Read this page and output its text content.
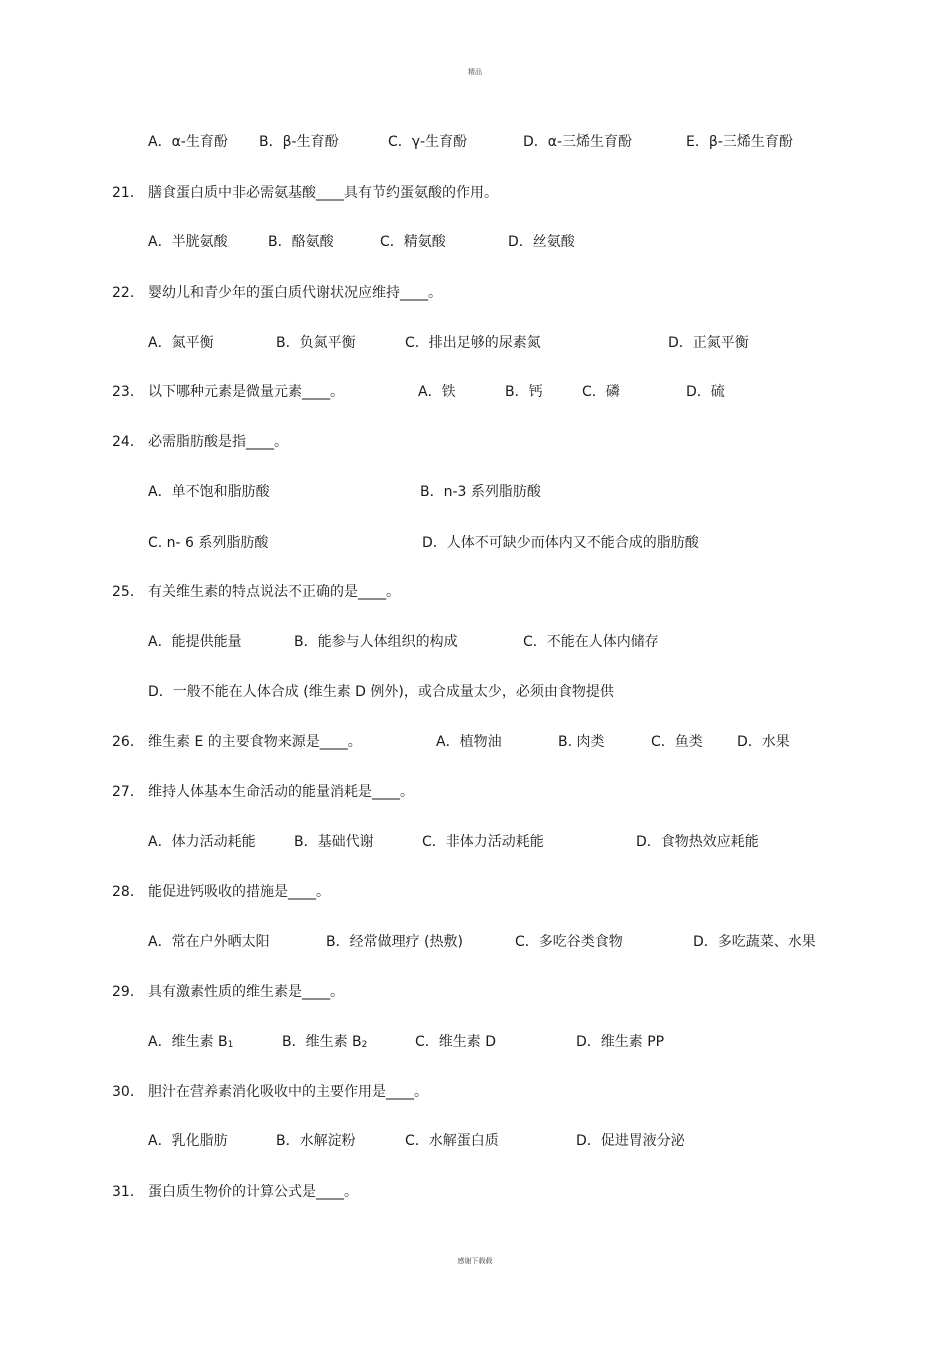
精品
A．α-生育酚 B．β-生育酚	C．γ-生育酚	D．α-三烯生育酚	E．β-三烯生育酚
21． 膳食蛋白质中非必需氨基酸____具有节约蛋氨酸的作用。
A．半胱氨酸	B．酪氨酸	C．精氨酸	D．丝氨酸
22． 婴幼儿和青少年的蛋白质代谢状况应维持____。
A．氮平衡	B．负氮平衡	C．排出足够的尿素氮	D．正氮平衡
23． 以下哪种元素是微量元素____。	A．铁	B．钙	C．磷	D．硫
24． 必需脂肪酸是指____。
A．单不饱和脂肪酸	B．n-3 系列脂肪酸
C. n- 6 系列脂肪酸	D．人体不可缺少而体内又不能合成的脂肪酸
25． 有关维生素的特点说法不正确的是____。
A．能提供能量	B．能参与人体组织的构成	C．不能在人体内储存
D．一般不能在人体合成 (维生素 D 例外)，或合成量太少，必须由食物提供
26． 维生素 E 的主要食物来源是____。	A．植物油	B. 肉类	C．鱼类 D．水果
27． 维持人体基本生命活动的能量消耗是____。
A．体力活动耗能	B．基础代谢	C．非体力活动耗能	D．食物热效应耗能
28． 能促进钙吸收的措施是____。
A．常在户外晒太阳	B．经常做理疗 (热敷)	C．多吃谷类食物	D．多吃蔬菜、水果
29． 具有激素性质的维生素是____。
A．维生素 $B_1$	B．维生素 $B_2$	C．维生素 D	D．维生素 PP
30． 胆汁在营养素消化吸收中的主要作用是____。
A．乳化脂肪	B．水解淀粉	C．水解蛋白质	D．促进胃液分泌
31． 蛋白质生物价的计算公式是____。
感谢下载载
